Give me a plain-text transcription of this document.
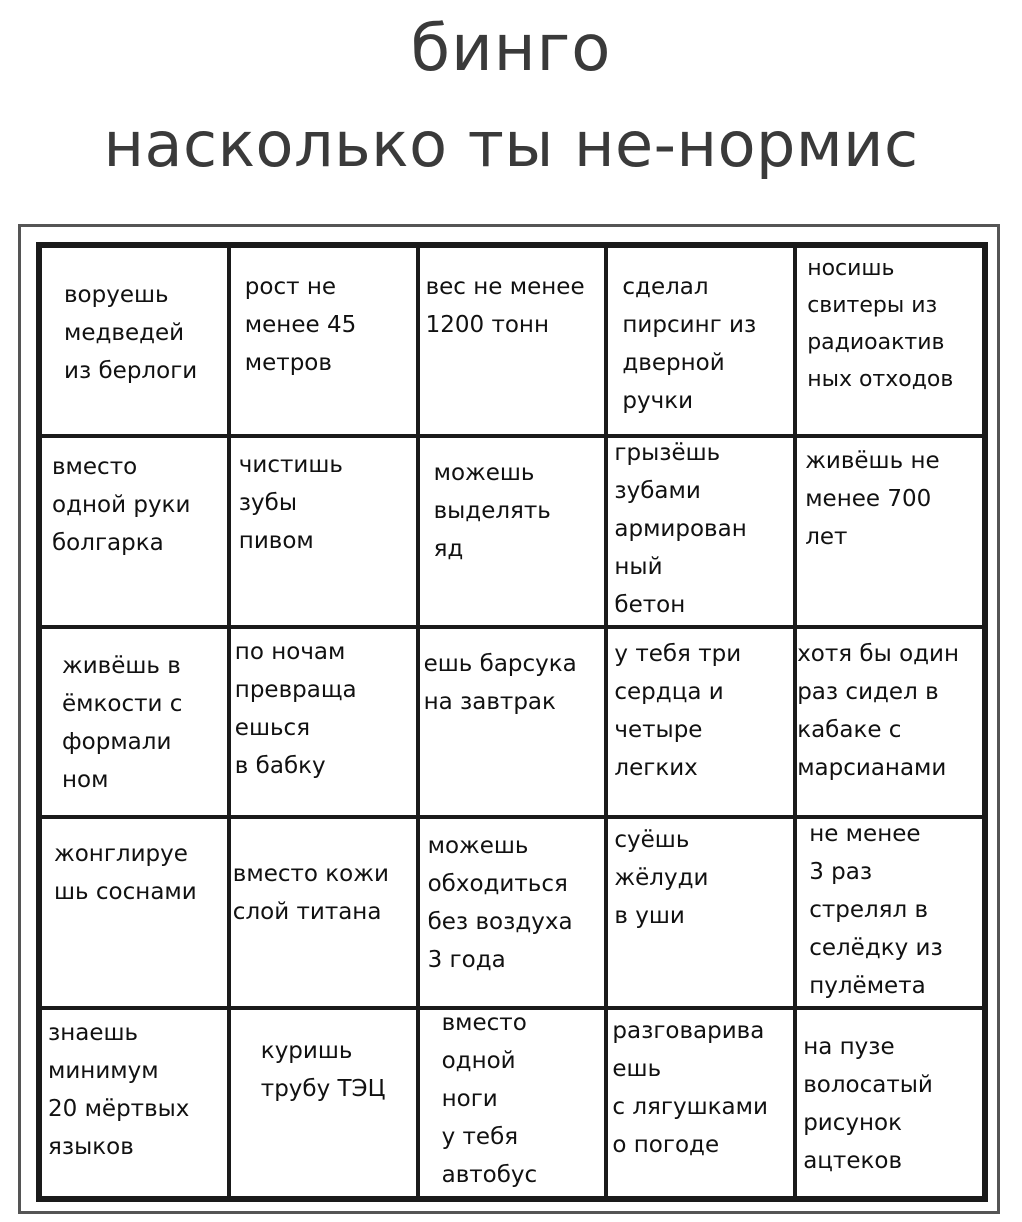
бинго
насколько ты не-нормис
воруешь
медведей
из берлоги
рост не
менее 45
метров
вес не менее
1200 тонн
сделал
пирсинг из
дверной
ручки
носишь
свитеры из
радиоактив
ных отходов
вместо
одной руки
болгарка
чистишь
зубы
пивом
можешь
выделять
яд
грызёшь
зубами
армирован
ный
бетон
живёшь не
менее 700
лет
живёшь в
ёмкости с
формали
ном
по ночам
превраща
ешься
в бабку
ешь барсука
на завтрак
у тебя три
сердца и
четыре
легких
хотя бы один
раз сидел в
кабаке с
марсианами
жонглируе
шь соснами
вместо кожи
слой титана
можешь
обходиться
без воздуха
3 года
суёшь
жёлуди
в уши
не менее
3 раз
стрелял в
селёдку из
пулёмета
знаешь
минимум
20 мёртвых
языков
куришь
трубу ТЭЦ
вместо
одной
ноги
у тебя
автобус
разговарива
ешь
с лягушками
о погоде
на пузе
волосатый
рисунок
ацтеков
